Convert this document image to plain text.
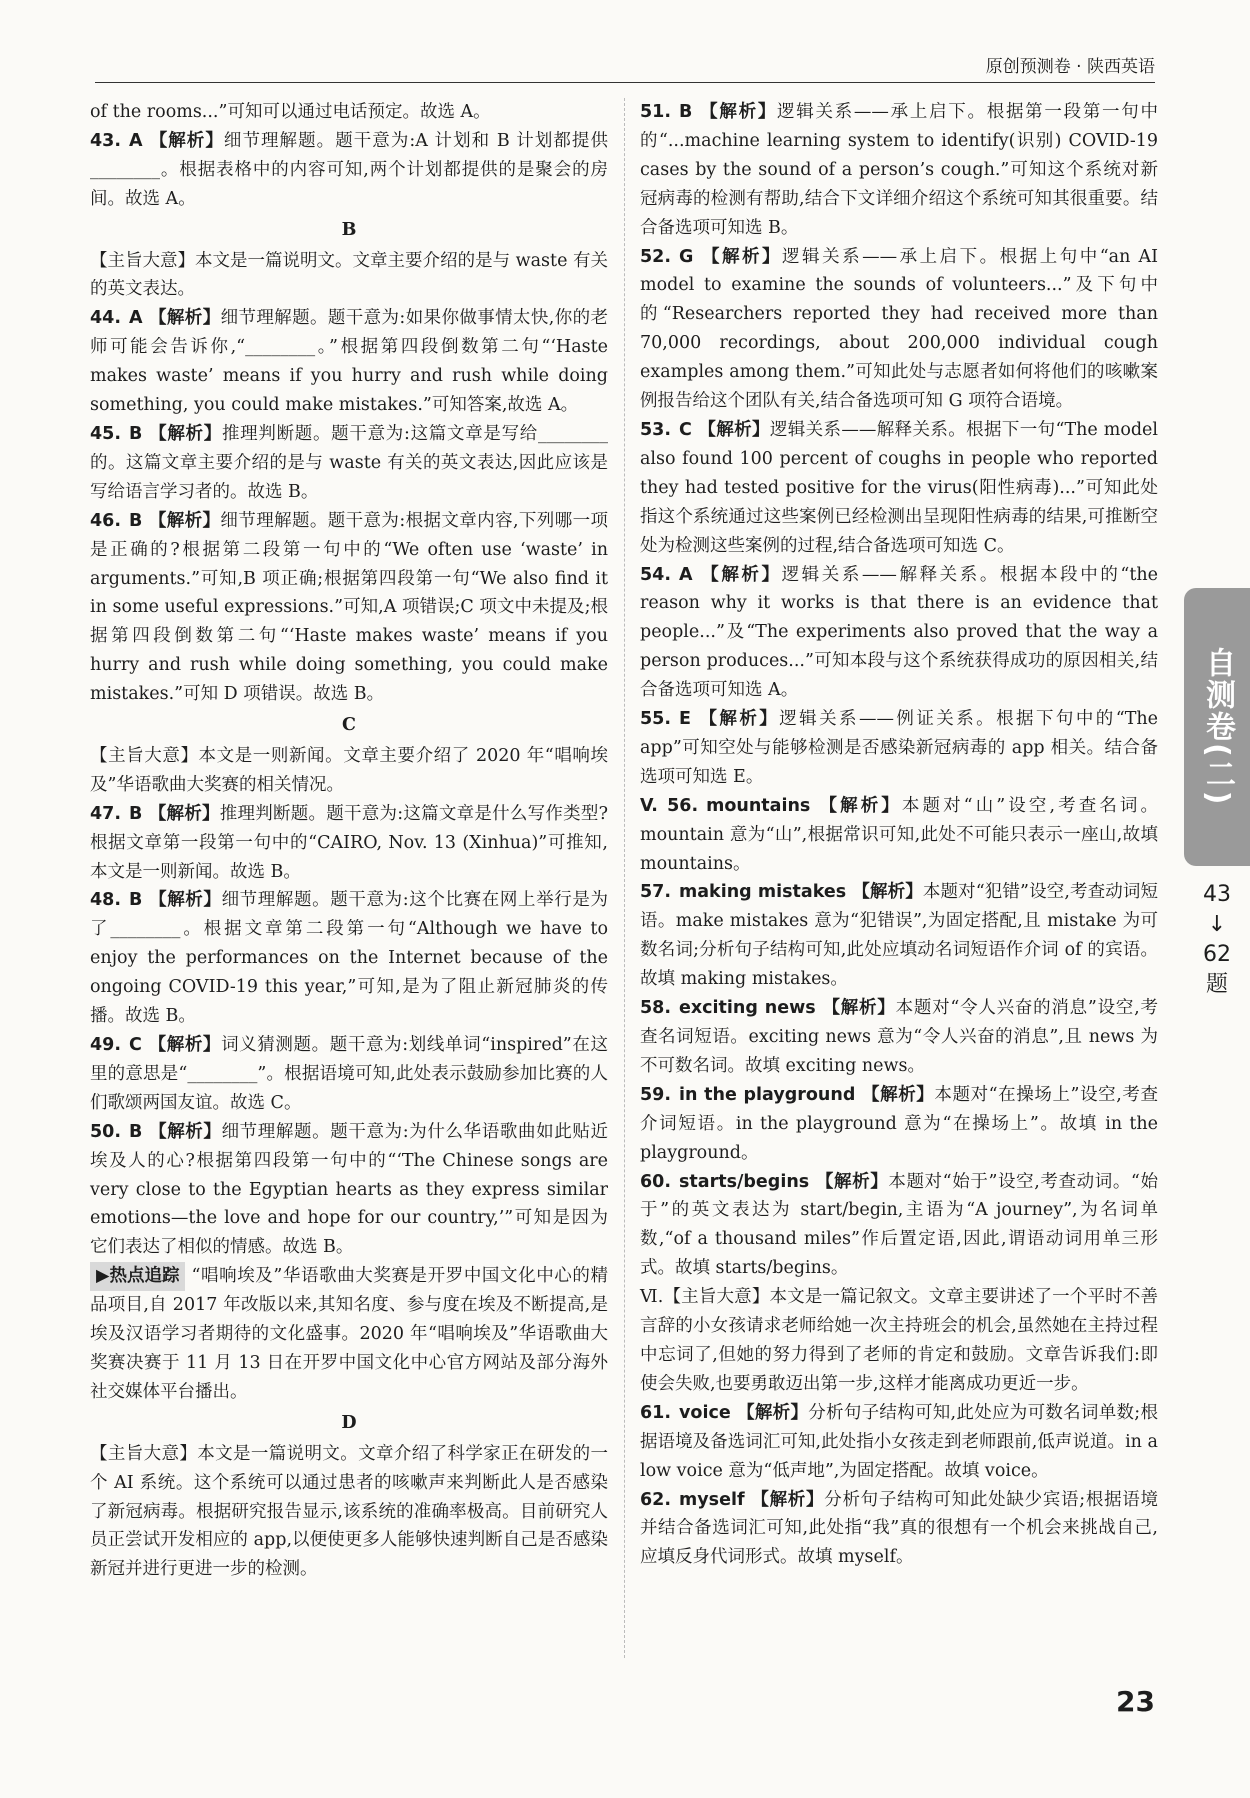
原创预测卷 · 陕西英语
of the rooms...”可知可以通过电话预定。故选 A。
43. A 【解析】细节理解题。题干意为:A 计划和 B 计划都提供________。根据表格中的内容可知,两个计划都提供的是聚会的房间。故选 A。
B
【主旨大意】本文是一篇说明文。文章主要介绍的是与 waste 有关的英文表达。
44. A 【解析】细节理解题。题干意为:如果你做事情太快,你的老师可能会告诉你,“________。”根据第四段倒数第二句“‘Haste makes waste’ means if you hurry and rush while doing something, you could make mistakes.”可知答案,故选 A。
45. B 【解析】推理判断题。题干意为:这篇文章是写给________的。这篇文章主要介绍的是与 waste 有关的英文表达,因此应该是写给语言学习者的。故选 B。
46. B 【解析】细节理解题。题干意为:根据文章内容,下列哪一项是正确的?根据第二段第一句中的“We often use ‘waste’ in arguments.”可知,B 项正确;根据第四段第一句“We also find it in some useful expressions.”可知,A 项错误;C 项文中未提及;根据第四段倒数第二句“‘Haste makes waste’ means if you hurry and rush while doing something, you could make mistakes.”可知 D 项错误。故选 B。
C
【主旨大意】本文是一则新闻。文章主要介绍了 2020 年“唱响埃及”华语歌曲大奖赛的相关情况。
47. B 【解析】推理判断题。题干意为:这篇文章是什么写作类型?根据文章第一段第一句中的“CAIRO, Nov. 13 (Xinhua)”可推知,本文是一则新闻。故选 B。
48. B 【解析】细节理解题。题干意为:这个比赛在网上举行是为了________。根据文章第二段第一句“Although we have to enjoy the performances on the Internet because of the ongoing COVID-19 this year,”可知,是为了阻止新冠肺炎的传播。故选 B。
49. C 【解析】词义猜测题。题干意为:划线单词“inspired”在这里的意思是“________”。根据语境可知,此处表示鼓励参加比赛的人们歌颂两国友谊。故选 C。
50. B 【解析】细节理解题。题干意为:为什么华语歌曲如此贴近埃及人的心?根据第四段第一句中的“‘The Chinese songs are very close to the Egyptian hearts as they express similar emotions—the love and hope for our country,’”可知是因为它们表达了相似的情感。故选 B。
▶热点追踪 “唱响埃及”华语歌曲大奖赛是开罗中国文化中心的精品项目,自 2017 年改版以来,其知名度、参与度在埃及不断提高,是埃及汉语学习者期待的文化盛事。2020 年“唱响埃及”华语歌曲大奖赛决赛于 11 月 13 日在开罗中国文化中心官方网站及部分海外社交媒体平台播出。
D
【主旨大意】本文是一篇说明文。文章介绍了科学家正在研发的一个 AI 系统。这个系统可以通过患者的咳嗽声来判断此人是否感染了新冠病毒。根据研究报告显示,该系统的准确率极高。目前研究人员正尝试开发相应的 app,以便使更多人能够快速判断自己是否感染新冠并进行更进一步的检测。
51. B 【解析】逻辑关系——承上启下。根据第一段第一句中的“...machine learning system to identify(识别) COVID-19 cases by the sound of a person’s cough.”可知这个系统对新冠病毒的检测有帮助,结合下文详细介绍这个系统可知其很重要。结合备选项可知选 B。
52. G 【解析】逻辑关系——承上启下。根据上句中“an AI model to examine the sounds of volunteers...”及下句中的“Researchers reported they had received more than 70,000 recordings, about 200,000 individual cough examples among them.”可知此处与志愿者如何将他们的咳嗽案例报告给这个团队有关,结合备选项可知 G 项符合语境。
53. C 【解析】逻辑关系——解释关系。根据下一句“The model also found 100 percent of coughs in people who reported they had tested positive for the virus(阳性病毒)...”可知此处指这个系统通过这些案例已经检测出呈现阳性病毒的结果,可推断空处为检测这些案例的过程,结合备选项可知选 C。
54. A 【解析】逻辑关系——解释关系。根据本段中的“the reason why it works is that there is an evidence that people...”及“The experiments also proved that the way a person produces...”可知本段与这个系统获得成功的原因相关,结合备选项可知选 A。
55. E 【解析】逻辑关系——例证关系。根据下句中的“The app”可知空处与能够检测是否感染新冠病毒的 app 相关。结合备选项可知选 E。
V. 56. mountains 【解析】本题对“山”设空,考查名词。mountain 意为“山”,根据常识可知,此处不可能只表示一座山,故填 mountains。
57. making mistakes 【解析】本题对“犯错”设空,考查动词短语。make mistakes 意为“犯错误”,为固定搭配,且 mistake 为可数名词;分析句子结构可知,此处应填动名词短语作介词 of 的宾语。故填 making mistakes。
58. exciting news 【解析】本题对“令人兴奋的消息”设空,考查名词短语。exciting news 意为“令人兴奋的消息”,且 news 为不可数名词。故填 exciting news。
59. in the playground 【解析】本题对“在操场上”设空,考查介词短语。in the playground 意为“在操场上”。故填 in the playground。
60. starts/begins 【解析】本题对“始于”设空,考查动词。“始于”的英文表达为 start/begin,主语为“A journey”,为名词单数,“of a thousand miles”作后置定语,因此,谓语动词用单三形式。故填 starts/begins。
Ⅵ.【主旨大意】本文是一篇记叙文。文章主要讲述了一个平时不善言辞的小女孩请求老师给她一次主持班会的机会,虽然她在主持过程中忘词了,但她的努力得到了老师的肯定和鼓励。文章告诉我们:即使会失败,也要勇敢迈出第一步,这样才能离成功更近一步。
61. voice 【解析】分析句子结构可知,此处应为可数名词单数;根据语境及备选词汇可知,此处指小女孩走到老师跟前,低声说道。in a low voice 意为“低声地”,为固定搭配。故填 voice。
62. myself 【解析】分析句子结构可知此处缺少宾语;根据语境并结合备选词汇可知,此处指“我”真的很想有一个机会来挑战自己,应填反身代词形式。故填 myself。
自测卷(二)
43
↓
62
题
23
